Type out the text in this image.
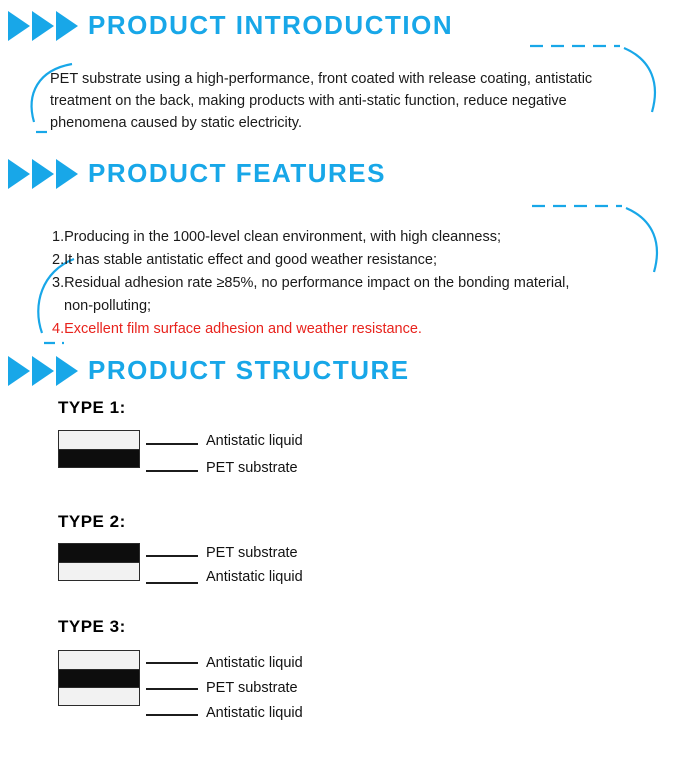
PRODUCT INTRODUCTION
PET substrate using a high-performance, front coated with release coating, antistatic treatment on the back, making products with anti-static function, reduce negative phenomena caused by static electricity.
PRODUCT FEATURES
1.Producing in the 1000-level clean environment, with high cleanness;
2.It has stable antistatic effect and good weather resistance;
3.Residual adhesion rate ≥85%, no performance impact on the bonding material,
non-polluting;
4.Excellent film surface adhesion and weather resistance.
PRODUCT STRUCTURE
TYPE 1:
Antistatic liquid
PET substrate
TYPE 2:
PET substrate
Antistatic liquid
TYPE 3:
Antistatic liquid
PET substrate
Antistatic liquid
